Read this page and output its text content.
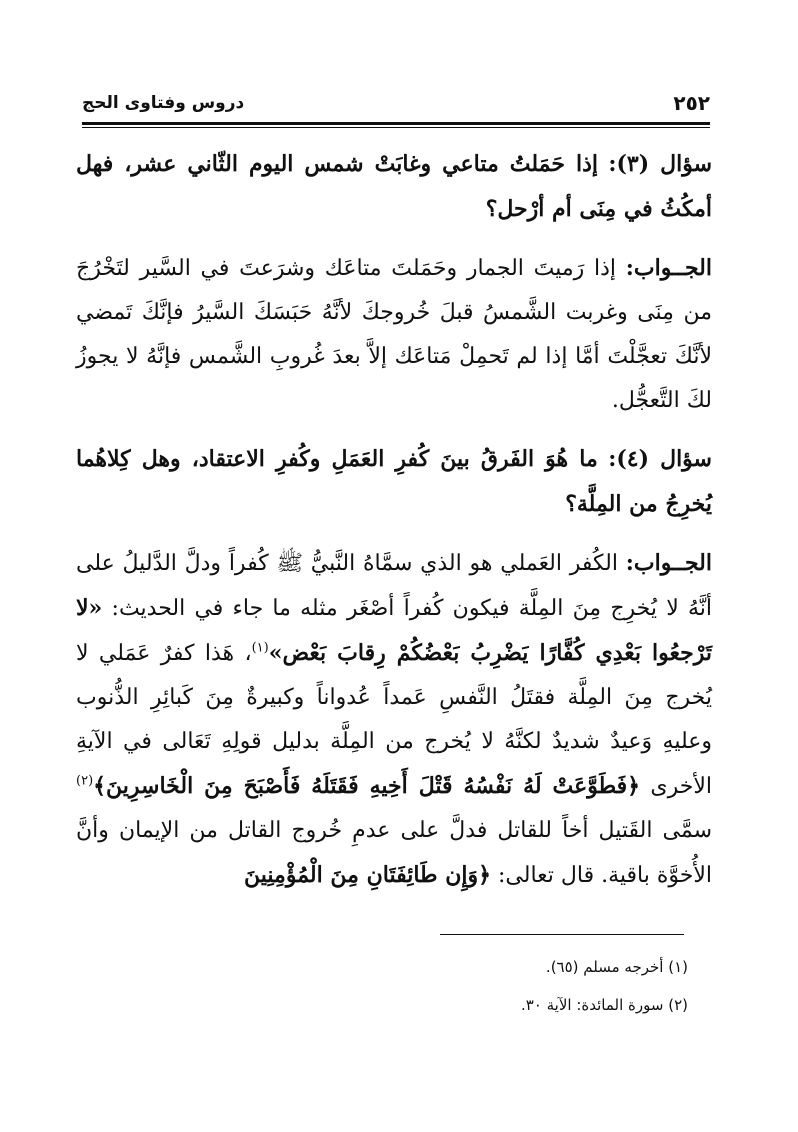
٢٥٢
دروس وفتاوى الحج

سؤال (٣): إذا حَمَلتُ متاعي وغابَتْ شمس اليوم الثّاني عشر، فهل أمكُثُ في مِنَى أم أرْحل؟

الجــواب: إذا رَميتَ الجمار وحَمَلتَ متاعَك وشرَعتَ في السَّير لتَخْرُجَ من مِنَى وغربت الشَّمسُ قبلَ خُروجكَ لأنَّهُ حَبَسَكَ السَّيرُ فإنَّكَ تَمضي لأنَّكَ تعجَّلْتَ أمَّا إذا لم تَحمِلْ مَتاعَك إلاَّ بعدَ غُروبِ الشَّمس فإنَّهُ لا يجوزُ لكَ التَّعجُّل.

سؤال (٤): ما هُوَ الفَرقُ بينَ كُفرِ العَمَلِ وكُفرِ الاعتقاد، وهل كِلاهُما يُخرِجُ من المِلَّة؟

الجــواب: الكُفر العَملي هو الذي سمَّاهُ النَّبيُّ ﷺ كُفراً ودلَّ الدَّليلُ على أنَّهُ لا يُخرِج مِنَ المِلَّة فيكون كُفراً أصْغَر مثله ما جاء في الحديث: «لا تَرْجعُوا بَعْدِي كُفَّارًا يَضْرِبُ بَعْضُكُمْ رِقابَ بَعْض»$^{(١)}$، هَذا كفرٌ عَمَلي لا يُخرج مِنَ المِلَّة فقتَلُ النَّفسِ عَمداً عُدواناً وكبيرةٌ مِنَ كَبائِرِ الذُّنوب وعليهِ وَعيدٌ شديدٌ لكنَّهُ لا يُخرج من المِلَّة بدليل قولِهِ تَعَالى في الآيةِ الأخرى ﴿فَطَوَّعَتْ لَهُ نَفْسُهُ قَتْلَ أَخِيهِ فَقَتَلَهُ فَأَصْبَحَ مِنَ الْخَاسِرِينَ﴾$^{(٢)}$ سمَّى القَتيل أخاً للقاتل فدلَّ على عدمِ خُروج القاتل من الإيمان وأنَّ الأُخوَّة باقية. قال تعالى: ﴿وَإِن طَائِفَتَانِ مِنَ الْمُؤْمِنِينَ

(١) أخرجه مسلم (٦٥).
(٢) سورة المائدة: الآية ٣٠.
